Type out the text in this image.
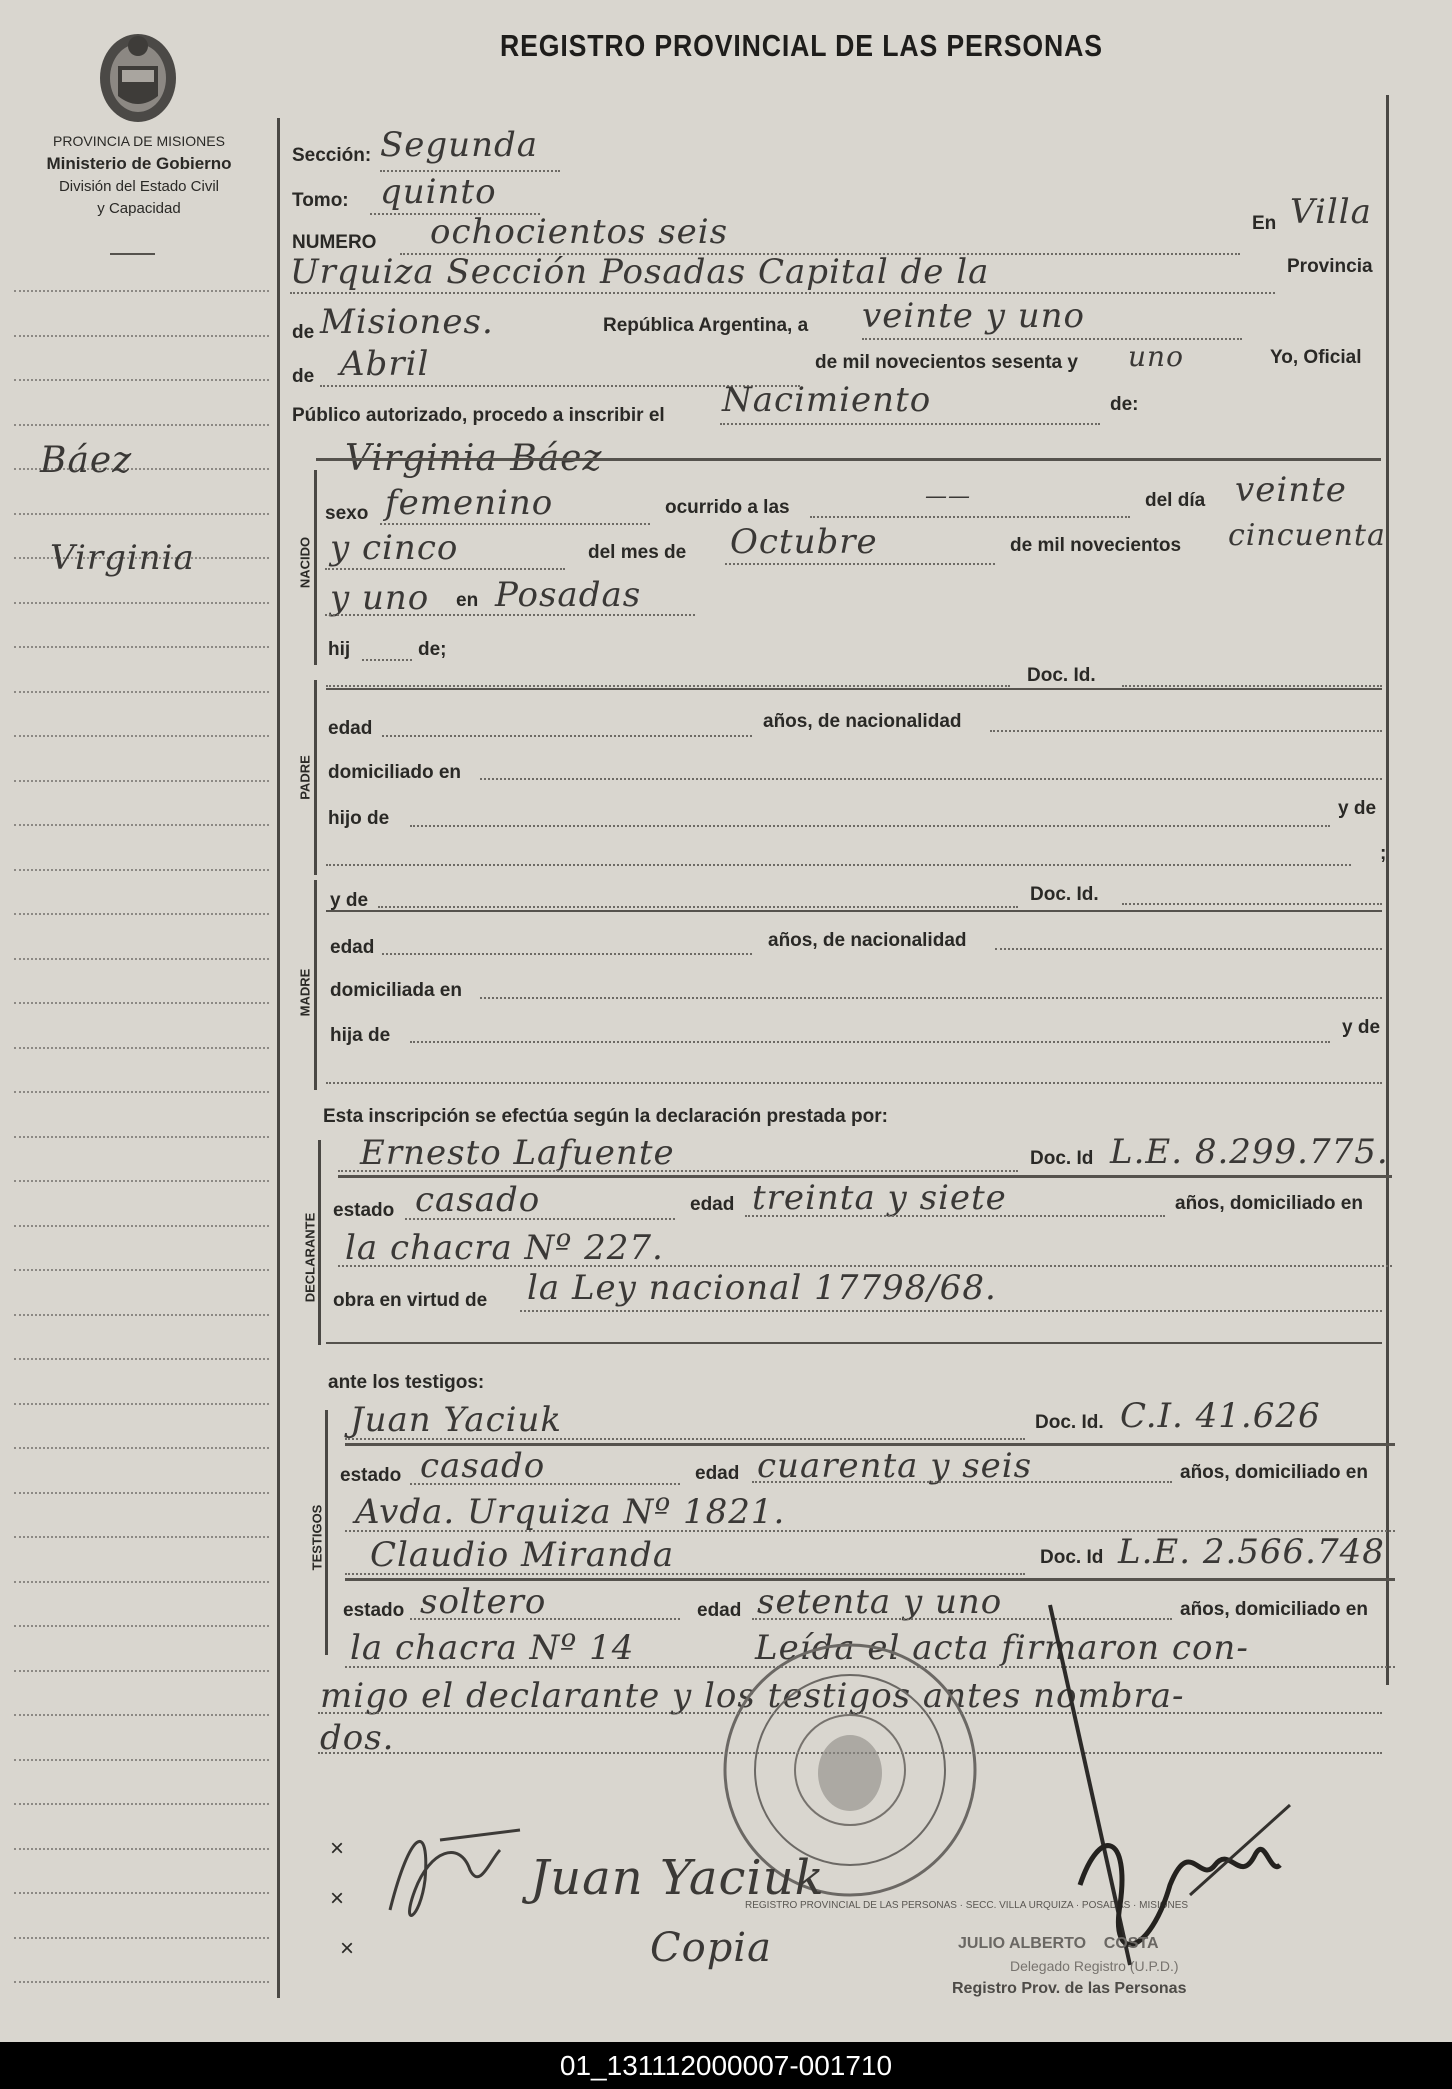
PROVINCIA DE MISIONES
Ministerio de Gobierno
División del Estado Civil
y Capacidad
REGISTRO PROVINCIAL DE LAS PERSONAS
Báez
Virginia
Sección: Segunda
Tomo: quinto
NUMERO ochocientos seis	En Villa
Urquiza Sección Posadas Capital de la	Provincia
de Misiones.	República Argentina, a veinte y uno
de Abril	de mil novecientos sesenta y uno	Yo, Oficial
Público autorizado, procedo a inscribir el Nacimiento	de:
Virginia Báez
NACIDO
sexo femenino	ocurrido a las	——	del día veinte
y cinco	del mes de Octubre	de mil novecientos cincuenta
y uno en Posadas
hij	de;
Doc. Id.
PADRE
edad	años, de nacionalidad
domiciliado en
hijo de	y de
;
MADRE
y de	Doc. Id.
edad	años, de nacionalidad
domiciliada en
hija de	y de
Esta inscripción se efectúa según la declaración prestada por:
DECLARANTE
Ernesto Lafuente	Doc. Id L.E. 8.299.775.
estado casado	edad treinta y siete	años, domiciliado en
la chacra Nº 227.
obra en virtud de la Ley nacional 17798/68.
ante los testigos:
TESTIGOS
Juan Yaciuk	Doc. Id. C.I. 41.626
estado casado	edad cuarenta y seis	años, domiciliado en
Avda. Urquiza Nº 1821.
Claudio Miranda	Doc. Id L.E. 2.566.748
estado soltero	edad setenta y uno	años, domiciliado en
la chacra Nº 14	Leída el acta firmaron con-
migo el declarante y los testigos antes nombra-
dos.
REGISTRO PROVINCIAL DE LAS PERSONAS · SECC. VILLA URQUIZA · POSADAS · MISIONES
×
×
×
Juan Yaciuk
Copia	JULIO ALBERTO    COSTA
Delegado Registro (U.P.D.)
Registro Prov. de las Personas
01_131112000007-001710
